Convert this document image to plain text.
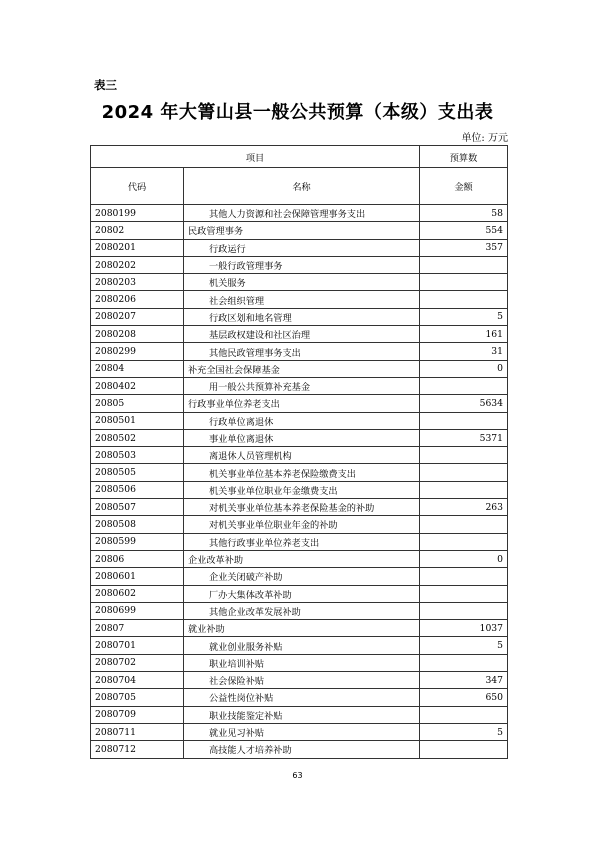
表三
2024 年大箐山县一般公共预算（本级）支出表
单位: 万元
项目		预算数
代码	名称	金额
2080199	其他人力资源和社会保障管理事务支出	58
20802	民政管理事务	554
2080201	行政运行	357
2080202	一般行政管理事务	
2080203	机关服务	
2080206	社会组织管理	
2080207	行政区划和地名管理	5
2080208	基层政权建设和社区治理	161
2080299	其他民政管理事务支出	31
20804	补充全国社会保障基金	0
2080402	用一般公共预算补充基金	
20805	行政事业单位养老支出	5634
2080501	行政单位离退休	
2080502	事业单位离退休	5371
2080503	离退休人员管理机构	
2080505	机关事业单位基本养老保险缴费支出	
2080506	机关事业单位职业年金缴费支出	
2080507	对机关事业单位基本养老保险基金的补助	263
2080508	对机关事业单位职业年金的补助	
2080599	其他行政事业单位养老支出	
20806	企业改革补助	0
2080601	企业关闭破产补助	
2080602	厂办大集体改革补助	
2080699	其他企业改革发展补助	
20807	就业补助	1037
2080701	就业创业服务补贴	5
2080702	职业培训补贴	
2080704	社会保险补贴	347
2080705	公益性岗位补贴	650
2080709	职业技能鉴定补贴	
2080711	就业见习补贴	5
2080712	高技能人才培养补助	
63
